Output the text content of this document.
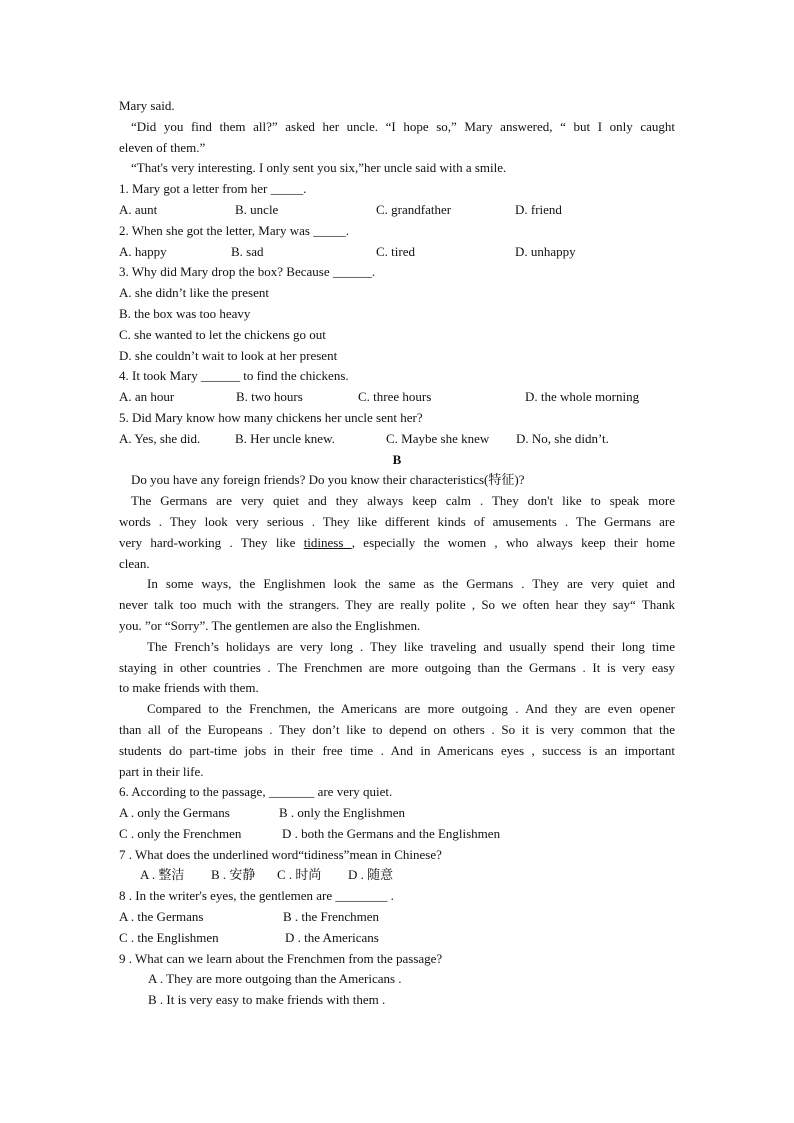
Mary said.
“Did you find them all?” asked her uncle. “I hope so,” Mary answered, “ but I only caught
eleven of them.”
“That's very interesting. I only sent you six,”her uncle said with a smile.
1. Mary got a letter from her _____.
A. aunt	B. uncle	C. grandfather	D. friend
2. When she got the letter, Mary was _____.
A. happy	B. sad	C. tired	D. unhappy
3. Why did Mary drop the box? Because ______.
A. she didn’t like the present
B. the box was too heavy
C. she wanted to let the chickens go out
D. she couldn’t wait to look at her present
4. It took Mary ______ to find the chickens.
A. an hour	B. two hours	C. three hours	D. the whole morning
5. Did Mary know how many chickens her uncle sent her?
A. Yes, she did.	B. Her uncle knew.	C. Maybe she knew	D. No, she didn’t.
B
Do you have any foreign friends? Do you know their characteristics(特征)?
The Germans are very quiet and they always keep calm . They don't like to speak more
words . They look very serious . They like different kinds of amusements . The Germans are
very hard-working . They like tidiness , especially the women , who always keep their home
clean.
In some ways, the Englishmen look the same as the Germans . They are very quiet and
never talk too much with the strangers. They are really polite , So we often hear they say“ Thank
you. ”or “Sorry”. The gentlemen are also the Englishmen.
The French’s holidays are very long . They like traveling and usually spend their long time
staying in other countries . The Frenchmen are more outgoing than the Germans . It is very easy
to make friends with them.
Compared to the Frenchmen, the Americans are more outgoing . And they are even opener
than all of the Europeans . They don’t like to depend on others . So it is very common that the
students do part-time jobs in their free time . And in Americans eyes , success is an important
part in their life.
6. According to the passage, _______ are very quiet.
A . only the Germans	B . only the Englishmen
C . only the Frenchmen	D . both the Germans and the Englishmen
7 . What does the underlined word“tidiness”mean in Chinese?
A . 整洁	B . 安静	C . 时尚	D . 随意
8 . In the writer's eyes, the gentlemen are ________ .
A . the Germans	B . the Frenchmen
C . the Englishmen	D . the Americans
9 . What can we learn about the Frenchmen from the passage?
A . They are more outgoing than the Americans .
B . It is very easy to make friends with them .
